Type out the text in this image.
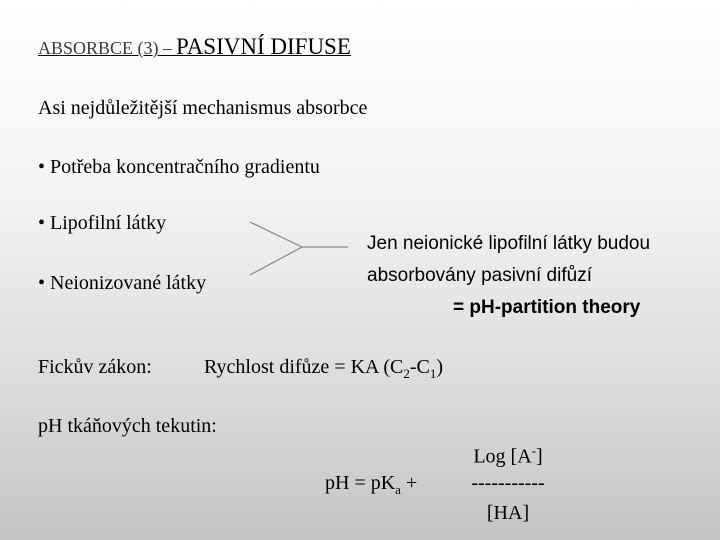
ABSORBCE (3) – PASIVNÍ DIFUSE
Asi nejdůležitější mechanismus absorbce
• Potřeba koncentračního gradientu
• Lipofilní látky
• Neionizované látky
Jen neionické lipofilní látky budou
absorbovány pasivní difůzí
= pH-partition theory
Fickův zákon:	Rychlost difůze = KA $(C_2-C_1)$
pH tkáňových tekutin:
pH = $pK_a$ +
Log [A-]
-----------
[HA]
